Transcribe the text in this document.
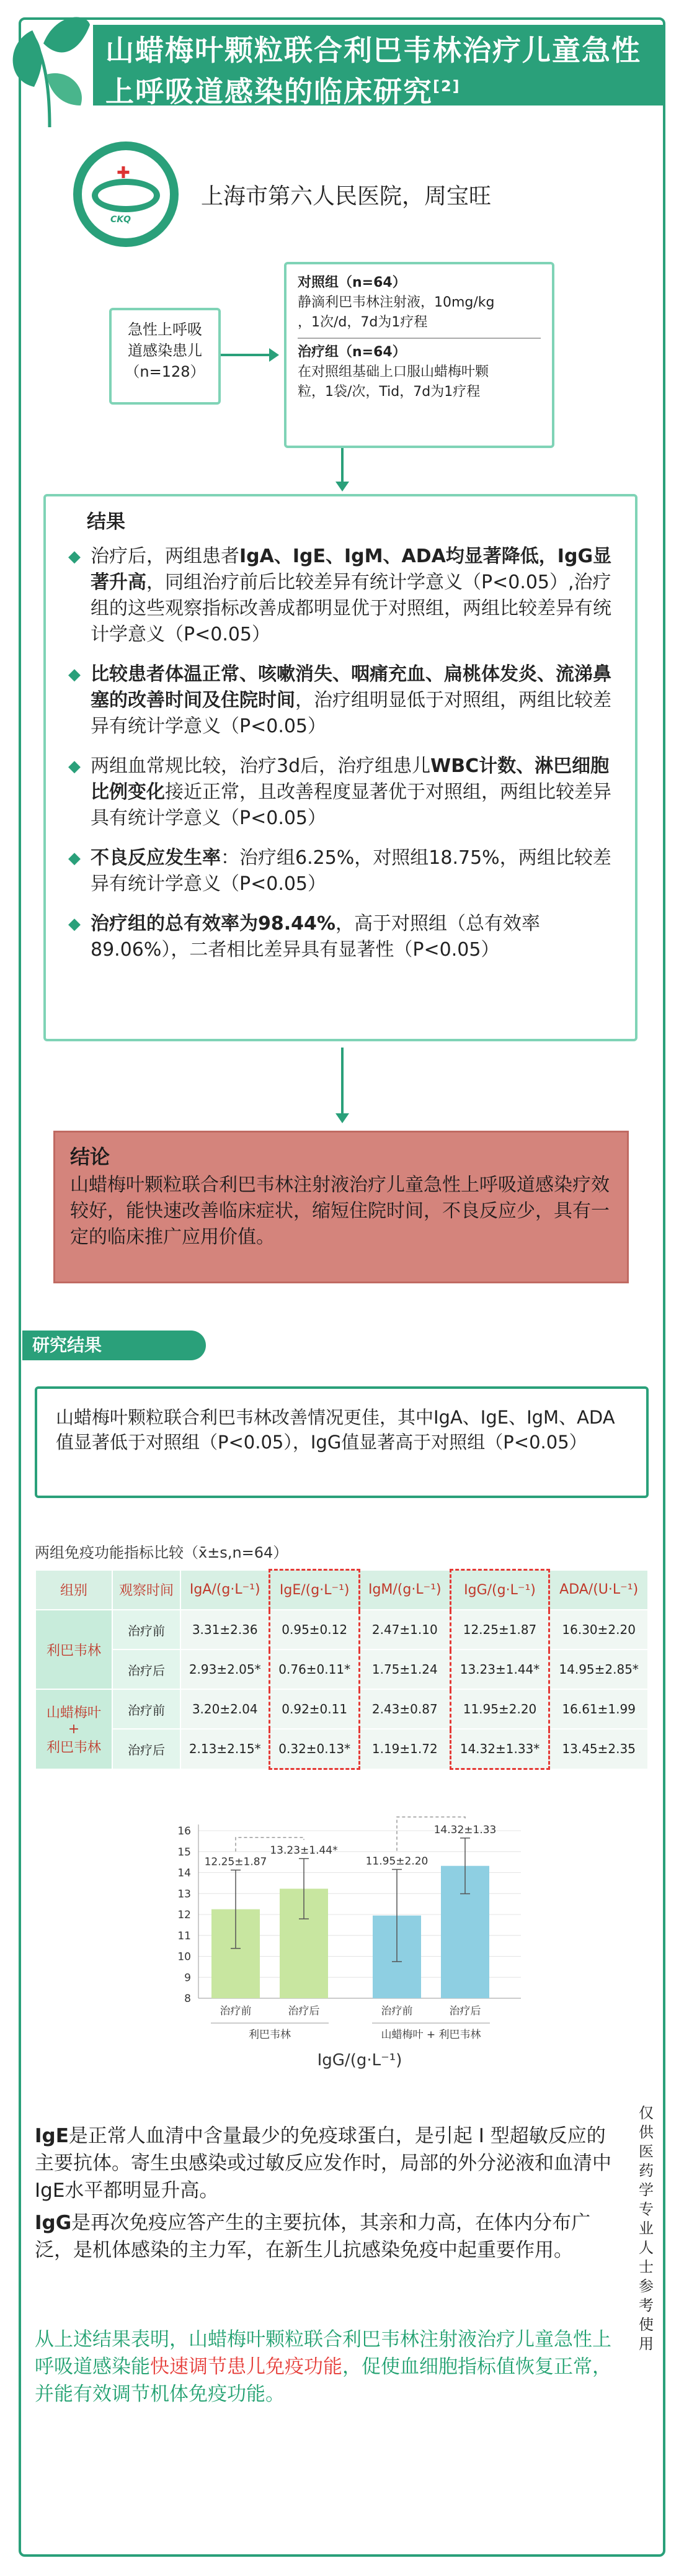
山蜡梅叶颗粒联合利巴韦林治疗儿童急性
上呼吸道感染的临床研究[2]
✚
CKQ
上海市第六人民医院，周宝旺
急性上呼吸
道感染患儿
（n=128）
对照组（n=64）
静滴利巴韦林注射液，10mg/kg
，1次/d，7d为1疗程
治疗组（n=64）
在对照组基础上口服山蜡梅叶颗
粒，1袋/次，Tid，7d为1疗程
结果
◆ 治疗后，两组患者IgA、IgE、IgM、ADA均显著降低，IgG显著升高，同组治疗前后比较差异有统计学意义（P<0.05）,治疗组的这些观察指标改善成都明显优于对照组，两组比较差异有统计学意义（P<0.05）
◆ 比较患者体温正常、咳嗽消失、咽痛充血、扁桃体发炎、流涕鼻塞的改善时间及住院时间，治疗组明显低于对照组，两组比较差异有统计学意义（P<0.05）
◆ 两组血常规比较，治疗3d后，治疗组患儿WBC计数、淋巴细胞比例变化接近正常，且改善程度显著优于对照组，两组比较差异具有统计学意义（P<0.05）
◆ 不良反应发生率：治疗组6.25%，对照组18.75%，两组比较差异有统计学意义（P<0.05）
◆ 治疗组的总有效率为98.44%，高于对照组（总有效率89.06%），二者相比差异具有显著性（P<0.05）
结论
山蜡梅叶颗粒联合利巴韦林注射液治疗儿童急性上呼吸道感染疗效较好，能快速改善临床症状，缩短住院时间，不良反应少，具有一定的临床推广应用价值。
研究结果
山蜡梅叶颗粒联合利巴韦林改善情况更佳，其中IgA、IgE、IgM、ADA值显著低于对照组（P<0.05），IgG值显著高于对照组（P<0.05）
两组免疫功能指标比较（x̄±s,n=64）
组别	观察时间	IgA/(g·L⁻¹)	IgE/(g·L⁻¹)	IgM/(g·L⁻¹)	IgG/(g·L⁻¹)	ADA/(U·L⁻¹)
利巴韦林	治疗前	3.31±2.36	0.95±0.12	2.47±1.10	12.25±1.87	16.30±2.20
	治疗后	2.93±2.05*	0.76±0.11*	1.75±1.24	13.23±1.44*	14.95±2.85*

山蜡梅叶
+
利巴韦林	治疗前	3.20±2.04	0.92±0.11	2.43±0.87	11.95±2.20	16.61±1.99
	治疗后	2.13±2.15*	0.32±0.13*	1.19±1.72	14.32±1.33*	13.45±2.35
8
9
10
11
12
13
14
15
16
12.25±1.87
治疗前
13.23±1.44*
治疗后
11.95±2.20
治疗前
14.32±1.33
治疗后
利巴韦林	山蜡梅叶 + 利巴韦林
IgG/(g·L⁻¹)
IgE是正常人血清中含量最少的免疫球蛋白，是引起 I 型超敏反应的主要抗体。寄生虫感染或过敏反应发作时，局部的外分泌液和血清中IgE水平都明显升高。
IgG是再次免疫应答产生的主要抗体，其亲和力高，在体内分布广泛，是机体感染的主力军，在新生儿抗感染免疫中起重要作用。
从上述结果表明，山蜡梅叶颗粒联合利巴韦林注射液治疗儿童急性上呼吸道感染能快速调节患儿免疫功能，促使血细胞指标值恢复正常，并能有效调节机体免疫功能。
仅供医药学专业人士参考使用
